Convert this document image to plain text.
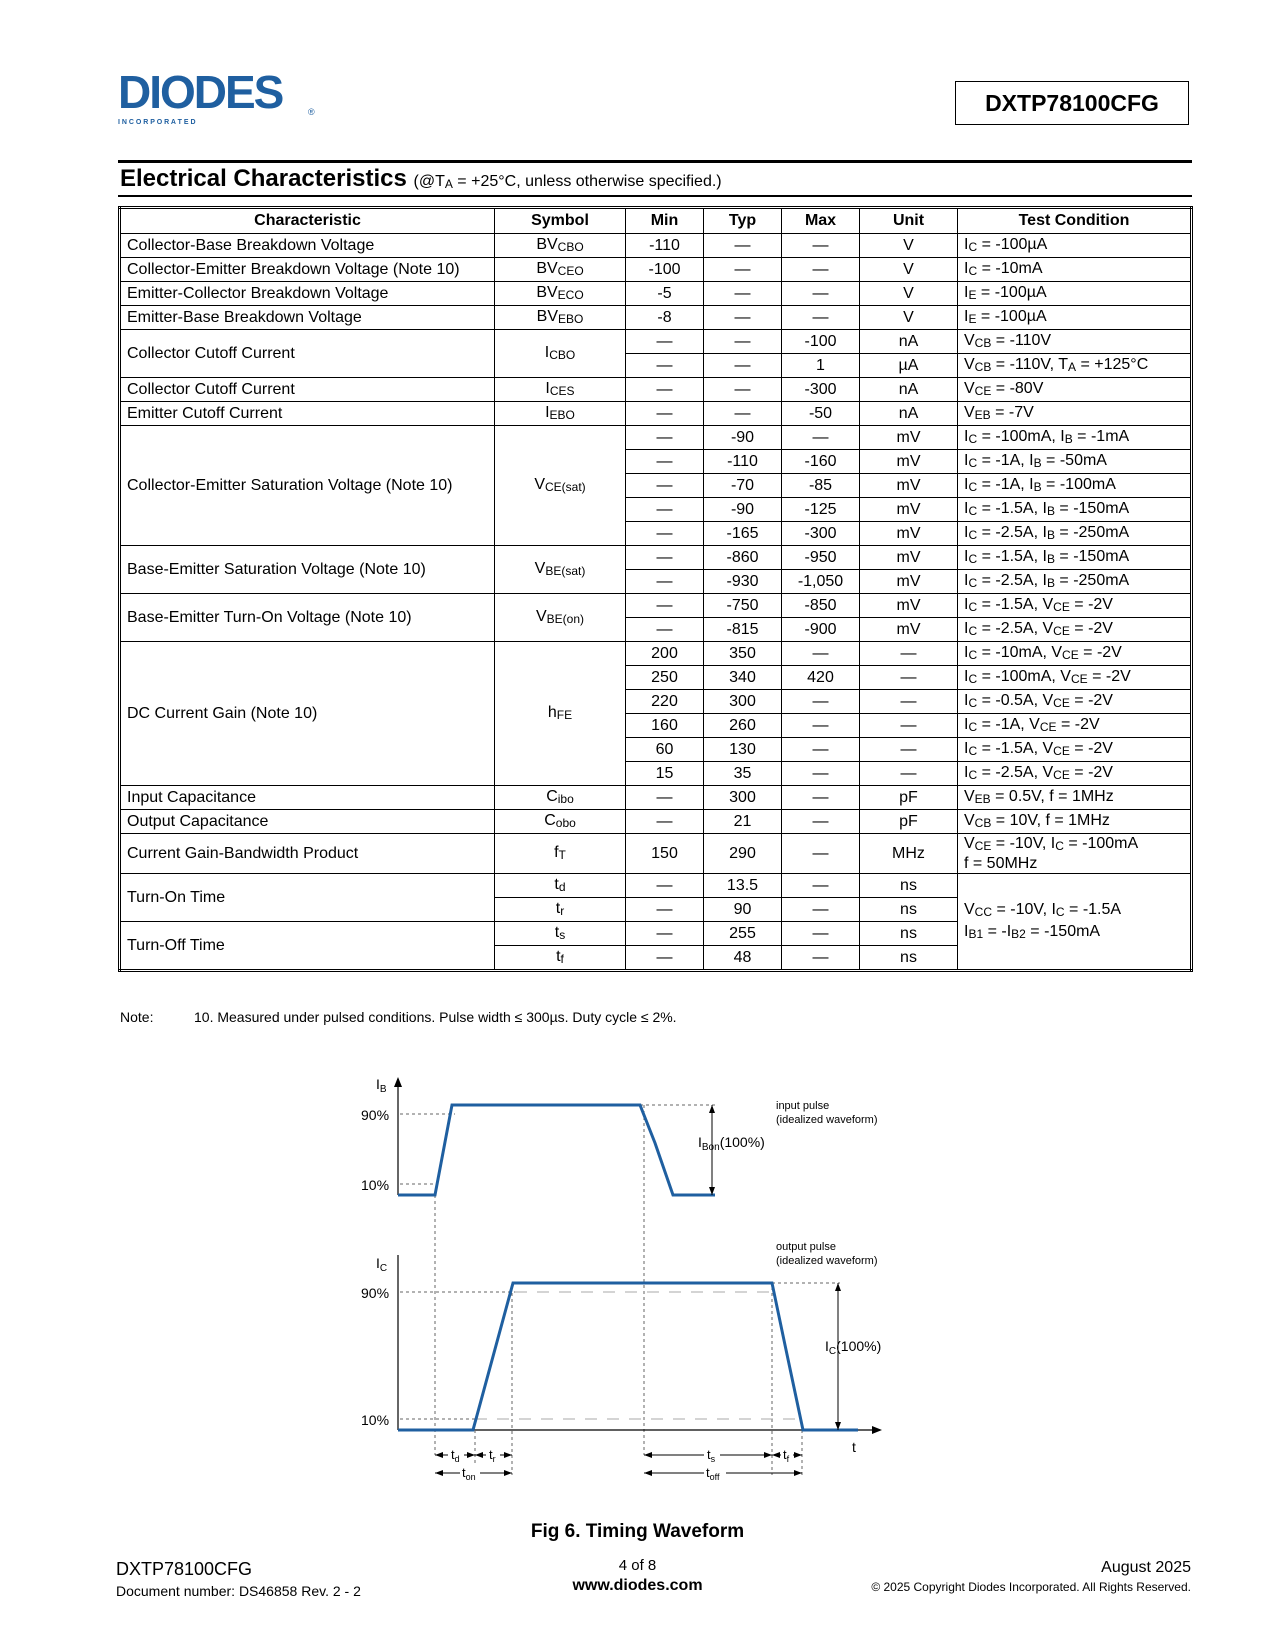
DIODES	®
I N C O R P O R A T E D
DXTP78100CFG
Electrical Characteristics ($@T_A = +25^\circ C$, unless otherwise specified.)
Characteristic	Symbol	Min	Typ	Max	Unit	Test Condition
Collector-Base Breakdown Voltage	$BV_{CBO}$	-110	—	—	V	$I_C = -100\mu A$
Collector-Emitter Breakdown Voltage (Note 10)	$BV_{CEO}$	-100	—	—	V	$I_C = -10mA$
Emitter-Collector Breakdown Voltage	$BV_{ECO}$	-5	—	—	V	$I_E = -100\mu A$
Emitter-Base Breakdown Voltage	$BV_{EBO}$	-8	—	—	V	$I_E = -100\mu A$
Collector Cutoff Current	$I_{CBO}$	—	—	-100	nA	$V_{CB} = -110V$
		—	—	1	µA	$V_{CB} = -110V$, $T_A = +125^\circ C$
Collector Cutoff Current	$I_{CES}$	—	—	-300	nA	$V_{CE} = -80V$
Emitter Cutoff Current	$I_{EBO}$	—	—	-50	nA	$V_{EB} = -7V$
Collector-Emitter Saturation Voltage (Note 10)	$V_{CE(sat)}$	—	-90	—	mV	$I_C = -100mA$, $I_B = -1mA$
		—	-110	-160	mV	$I_C = -1A$, $I_B = -50mA$
		—	-70	-85	mV	$I_C = -1A$, $I_B = -100mA$
		—	-90	-125	mV	$I_C = -1.5A$, $I_B = -150mA$
		—	-165	-300	mV	$I_C = -2.5A$, $I_B = -250mA$
Base-Emitter Saturation Voltage (Note 10)	$V_{BE(sat)}$	—	-860	-950	mV	$I_C = -1.5A$, $I_B = -150mA$
		—	-930	-1,050	mV	$I_C = -2.5A$, $I_B = -250mA$
Base-Emitter Turn-On Voltage (Note 10)	$V_{BE(on)}$	—	-750	-850	mV	$I_C = -1.5A$, $V_{CE} = -2V$
		—	-815	-900	mV	$I_C = -2.5A$, $V_{CE} = -2V$
DC Current Gain (Note 10)	$h_{FE}$	200	350	—	—	$I_C = -10mA$, $V_{CE} = -2V$
		250	340	420	—	$I_C = -100mA$, $V_{CE} = -2V$
		220	300	—	—	$I_C = -0.5A$, $V_{CE} = -2V$
		160	260	—	—	$I_C = -1A$, $V_{CE} = -2V$
		60	130	—	—	$I_C = -1.5A$, $V_{CE} = -2V$
		15	35	—	—	$I_C = -2.5A$, $V_{CE} = -2V$
Input Capacitance	$C_{ibo}$	—	300	—	pF	$V_{EB} = 0.5V$, f = 1MHz
Output Capacitance	$C_{obo}$	—	21	—	pF	$V_{CB} = 10V$, f = 1MHz
Current Gain-Bandwidth Product	$f_T$	150	290	—	MHz	$V_{CE} = -10V$, $I_C = -100mA$
f = 50MHz
Turn-On Time	$t_d$	—	13.5	—	ns	$V_{CC} = -10V$, $I_C = -1.5A$
$I_{B1} = -I_{B2} = -150mA$
	$t_r$	—	90	—	ns	
Turn-Off Time	$t_s$	—	255	—	ns	
	$t_f$	—	48	—	ns	
Note:	10. Measured under pulsed conditions. Pulse width ≤ 300µs. Duty cycle ≤ 2%.
$I_B$
90%
10%
$I_{Bon}(100\%)$
input pulse
(idealized waveform)
$I_C$
90%
10%
t
$I_C(100\%)$
output pulse
(idealized waveform)
$t_d$ $t_r$
$t_{on}$
$t_s$	$t_f$
$t_{off}$
Fig 6. Timing Waveform
DXTP78100CFG
Document number: DS46858 Rev. 2 - 2
4 of 8
www.diodes.com
August 2025
© 2025 Copyright Diodes Incorporated. All Rights Reserved.
